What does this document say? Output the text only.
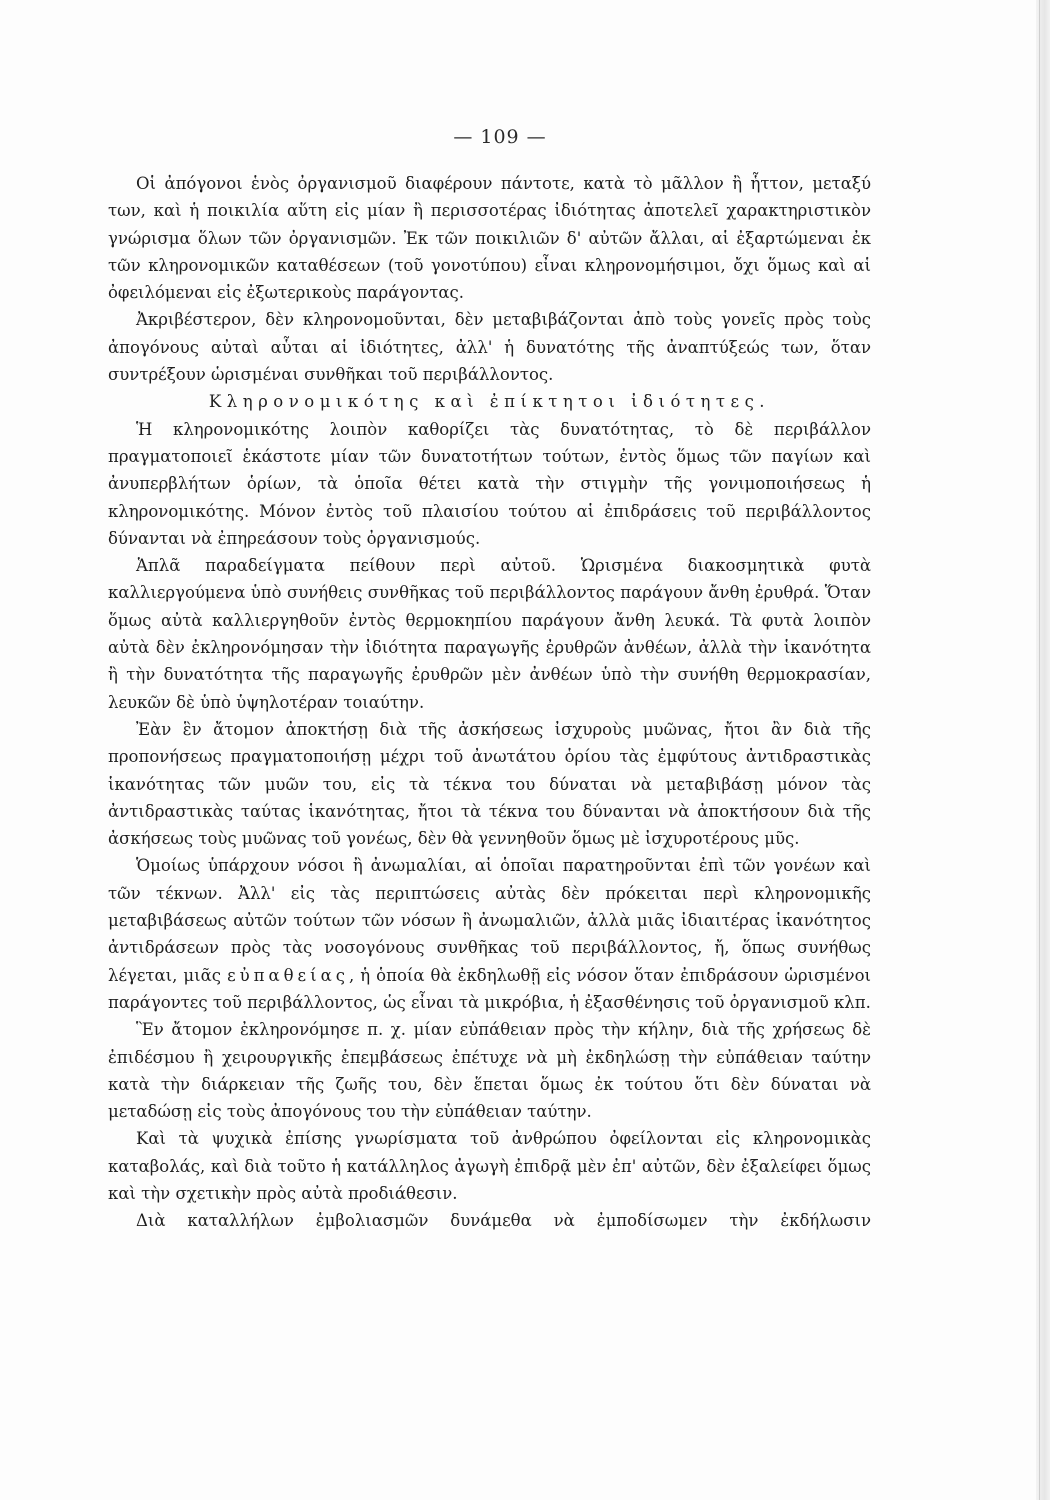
— 109 —

Οἱ ἀπόγονοι ἑνὸς ὀργανισμοῦ διαφέρουν πάντοτε, κατὰ τὸ μᾶλλον ἢ ἧττον, μεταξύ των, καὶ ἡ ποικιλία αὕτη εἰς μίαν ἢ περισσοτέρας ἰδιότητας ἀποτελεῖ χαρακτηριστικὸν γνώρισμα ὅλων τῶν ὀργανισμῶν. Ἐκ τῶν ποικιλιῶν δ' αὐτῶν ἄλλαι, αἱ ἐξαρτώμεναι ἐκ τῶν κληρονομικῶν καταθέσεων (τοῦ γονοτύπου) εἶναι κληρονομήσιμοι, ὄχι ὅμως καὶ αἱ ὀφειλόμεναι εἰς ἐξωτερικοὺς παράγοντας.

Ἀκριβέστερον, δὲν κληρονομοῦνται, δὲν μεταβιβάζονται ἀπὸ τοὺς γονεῖς πρὸς τοὺς ἀπογόνους αὐταὶ αὗται αἱ ἰδιότητες, ἀλλ' ἡ δυνατότης τῆς ἀναπτύξεώς των, ὅταν συντρέξουν ὡρισμέναι συνθῆκαι τοῦ περιβάλλοντος.

Κληρονομικότης καὶ ἐπίκτητοι ἰδιότητες.

Ἡ κληρονομικότης λοιπὸν καθορίζει τὰς δυνατότητας, τὸ δὲ περιβάλλον πραγματοποιεῖ ἑκάστοτε μίαν τῶν δυνατοτήτων τούτων, ἐντὸς ὅμως τῶν παγίων καὶ ἀνυπερβλήτων ὁρίων, τὰ ὁποῖα θέτει κατὰ τὴν στιγμὴν τῆς γονιμοποιήσεως ἡ κληρονομικότης. Μόνον ἐντὸς τοῦ πλαισίου τούτου αἱ ἐπιδράσεις τοῦ περιβάλλοντος δύνανται νὰ ἐπηρεάσουν τοὺς ὀργανισμούς.

Ἁπλᾶ παραδείγματα πείθουν περὶ αὐτοῦ. Ὡρισμένα διακοσμητικὰ φυτὰ καλλιεργούμενα ὑπὸ συνήθεις συνθῆκας τοῦ περιβάλλοντος παράγουν ἄνθη ἐρυθρά. Ὅταν ὅμως αὐτὰ καλλιεργηθοῦν ἐντὸς θερμοκηπίου παράγουν ἄνθη λευκά. Τὰ φυτὰ λοιπὸν αὐτὰ δὲν ἐκληρονόμησαν τὴν ἰδιότητα παραγωγῆς ἐρυθρῶν ἀνθέων, ἀλλὰ τὴν ἱκανότητα ἢ τὴν δυνατότητα τῆς παραγωγῆς ἐρυθρῶν μὲν ἀνθέων ὑπὸ τὴν συνήθη θερμοκρασίαν, λευκῶν δὲ ὑπὸ ὑψηλοτέραν τοιαύτην.

Ἐὰν ἓν ἄτομον ἀποκτήσῃ διὰ τῆς ἀσκήσεως ἰσχυροὺς μυῶνας, ἤτοι ἂν διὰ τῆς προπονήσεως πραγματοποιήσῃ μέχρι τοῦ ἀνωτάτου ὁρίου τὰς ἐμφύτους ἀντιδραστικὰς ἱκανότητας τῶν μυῶν του, εἰς τὰ τέκνα του δύναται νὰ μεταβιβάσῃ μόνον τὰς ἀντιδραστικὰς ταύτας ἱκανότητας, ἤτοι τὰ τέκνα του δύνανται νὰ ἀποκτήσουν διὰ τῆς ἀσκήσεως τοὺς μυῶνας τοῦ γονέως, δὲν θὰ γεννηθοῦν ὅμως μὲ ἰσχυροτέρους μῦς.

Ὁμοίως ὑπάρχουν νόσοι ἢ ἀνωμαλίαι, αἱ ὁποῖαι παρατηροῦνται ἐπὶ τῶν γονέων καὶ τῶν τέκνων. Ἀλλ' εἰς τὰς περιπτώσεις αὐτὰς δὲν πρόκειται περὶ κληρονομικῆς μεταβιβάσεως αὐτῶν τούτων τῶν νόσων ἢ ἀνωμαλιῶν, ἀλλὰ μιᾶς ἰδιαιτέρας ἱκανότητος ἀντιδράσεων πρὸς τὰς νοσογόνους συνθῆκας τοῦ περιβάλλοντος, ἤ, ὅπως συνήθως λέγεται, μιᾶς εὐπαθείας, ἡ ὁποία θὰ ἐκδηλωθῇ εἰς νόσον ὅταν ἐπιδράσουν ὡρισμένοι παράγοντες τοῦ περιβάλλοντος, ὡς εἶναι τὰ μικρόβια, ἡ ἐξασθένησις τοῦ ὀργανισμοῦ κλπ.

Ἓν ἄτομον ἐκληρονόμησε π. χ. μίαν εὐπάθειαν πρὸς τὴν κήλην, διὰ τῆς χρήσεως δὲ ἐπιδέσμου ἢ χειρουργικῆς ἐπεμβάσεως ἐπέτυχε νὰ μὴ ἐκδηλώσῃ τὴν εὐπάθειαν ταύτην κατὰ τὴν διάρκειαν τῆς ζωῆς του, δὲν ἕπεται ὅμως ἐκ τούτου ὅτι δὲν δύναται νὰ μεταδώσῃ εἰς τοὺς ἀπογόνους του τὴν εὐπάθειαν ταύτην.

Καὶ τὰ ψυχικὰ ἐπίσης γνωρίσματα τοῦ ἀνθρώπου ὀφείλονται εἰς κληρονομικὰς καταβολάς, καὶ διὰ τοῦτο ἡ κατάλληλος ἀγωγὴ ἐπιδρᾷ μὲν ἐπ' αὐτῶν, δὲν ἐξαλείφει ὅμως καὶ τὴν σχετικὴν πρὸς αὐτὰ προδιάθεσιν.

Διὰ καταλλήλων ἐμβολιασμῶν δυνάμεθα νὰ ἐμποδίσωμεν τὴν ἐκδήλωσιν
